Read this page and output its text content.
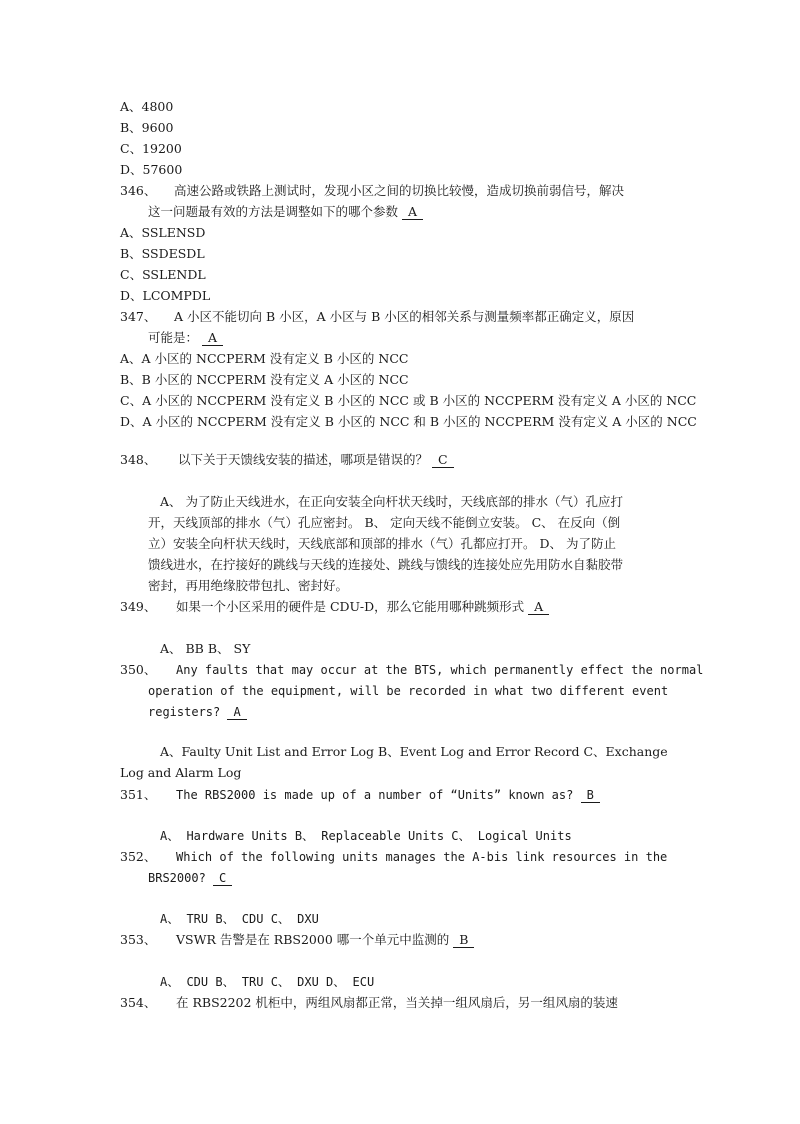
A、4800
B、9600
C、19200
D、57600
346、 高速公路或铁路上测试时，发现小区之间的切换比较慢，造成切换前弱信号，解决
这一问题最有效的方法是调整如下的哪个参数 A
A、SSLENSD
B、SSDESDL
C、SSLENDL
D、LCOMPDL
347、 A 小区不能切向 B 小区，A 小区与 B 小区的相邻关系与测量频率都正确定义，原因
可能是： A
A、A 小区的 NCCPERM 没有定义 B 小区的 NCC
B、B 小区的 NCCPERM 没有定义 A 小区的 NCC
C、A 小区的 NCCPERM 没有定义 B 小区的 NCC 或 B 小区的 NCCPERM 没有定义 A 小区的 NCC
D、A 小区的 NCCPERM 没有定义 B 小区的 NCC 和 B 小区的 NCCPERM 没有定义 A 小区的 NCC
348、 以下关于天馈线安装的描述，哪项是错误的？ C
A、 为了防止天线进水，在正向安装全向杆状天线时，天线底部的排水（气）孔应打
开，天线顶部的排水（气）孔应密封。 B、 定向天线不能倒立安装。 C、 在反向（倒
立）安装全向杆状天线时，天线底部和顶部的排水（气）孔都应打开。 D、 为了防止
馈线进水，在拧接好的跳线与天线的连接处、跳线与馈线的连接处应先用防水自黏胶带
密封，再用绝缘胶带包扎、密封好。
349、 如果一个小区采用的硬件是 CDU-D，那么它能用哪种跳频形式 A
A、 BB B、 SY
350、 Any faults that may occur at the BTS, which permanently effect the normal
operation of the equipment, will be recorded in what two different event
registers? A
A、Faulty Unit List and Error Log B、Event Log and Error Record C、Exchange
Log and Alarm Log
351、 The RBS2000 is made up of a number of “Units” known as? B
A、 Hardware Units B、 Replaceable Units C、 Logical Units
352、 Which of the following units manages the A-bis link resources in the
BRS2000? C
A、 TRU B、 CDU C、 DXU
353、 VSWR 告警是在 RBS2000 哪一个单元中监测的 B
A、 CDU B、 TRU C、 DXU D、 ECU
354、 在 RBS2202 机柜中，两组风扇都正常，当关掉一组风扇后，另一组风扇的装速
